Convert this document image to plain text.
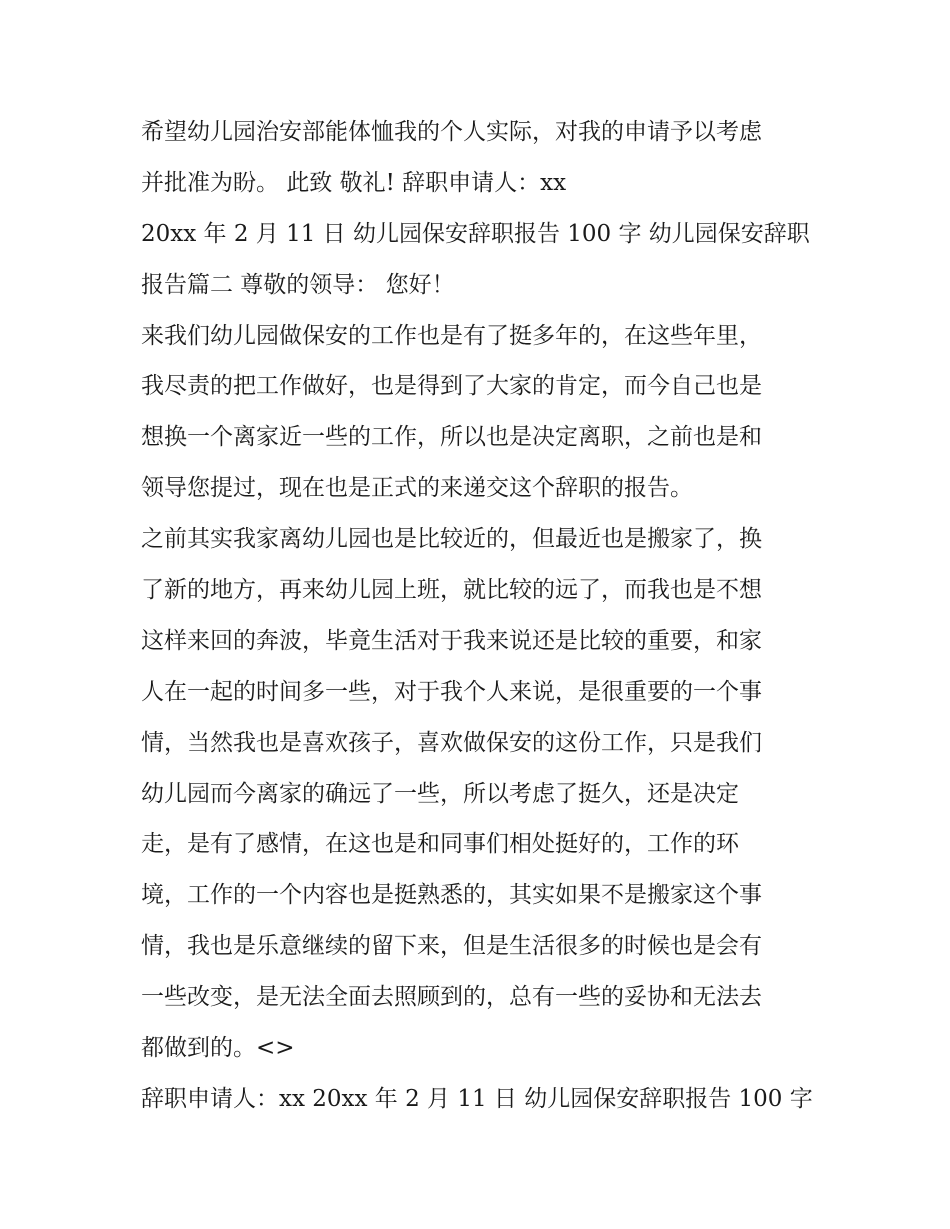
希望幼儿园治安部能体恤我的个人实际，对我的申请予以考虑
并批准为盼。 此致 敬礼! 辞职申请人：xx
20xx 年 2 月 11 日 幼儿园保安辞职报告 100 字 幼儿园保安辞职
报告篇二 尊敬的领导： 您好！
来我们幼儿园做保安的工作也是有了挺多年的，在这些年里，
我尽责的把工作做好，也是得到了大家的肯定，而今自己也是
想换一个离家近一些的工作，所以也是决定离职，之前也是和
领导您提过，现在也是正式的来递交这个辞职的报告。
之前其实我家离幼儿园也是比较近的，但最近也是搬家了，换
了新的地方，再来幼儿园上班，就比较的远了，而我也是不想
这样来回的奔波，毕竟生活对于我来说还是比较的重要，和家
人在一起的时间多一些，对于我个人来说，是很重要的一个事
情，当然我也是喜欢孩子，喜欢做保安的这份工作，只是我们
幼儿园而今离家的确远了一些，所以考虑了挺久，还是决定
走，是有了感情，在这也是和同事们相处挺好的，工作的环
境，工作的一个内容也是挺熟悉的，其实如果不是搬家这个事
情，我也是乐意继续的留下来，但是生活很多的时候也是会有
一些改变，是无法全面去照顾到的，总有一些的妥协和无法去
都做到的。<>
辞职申请人：xx 20xx 年 2 月 11 日 幼儿园保安辞职报告 100 字
